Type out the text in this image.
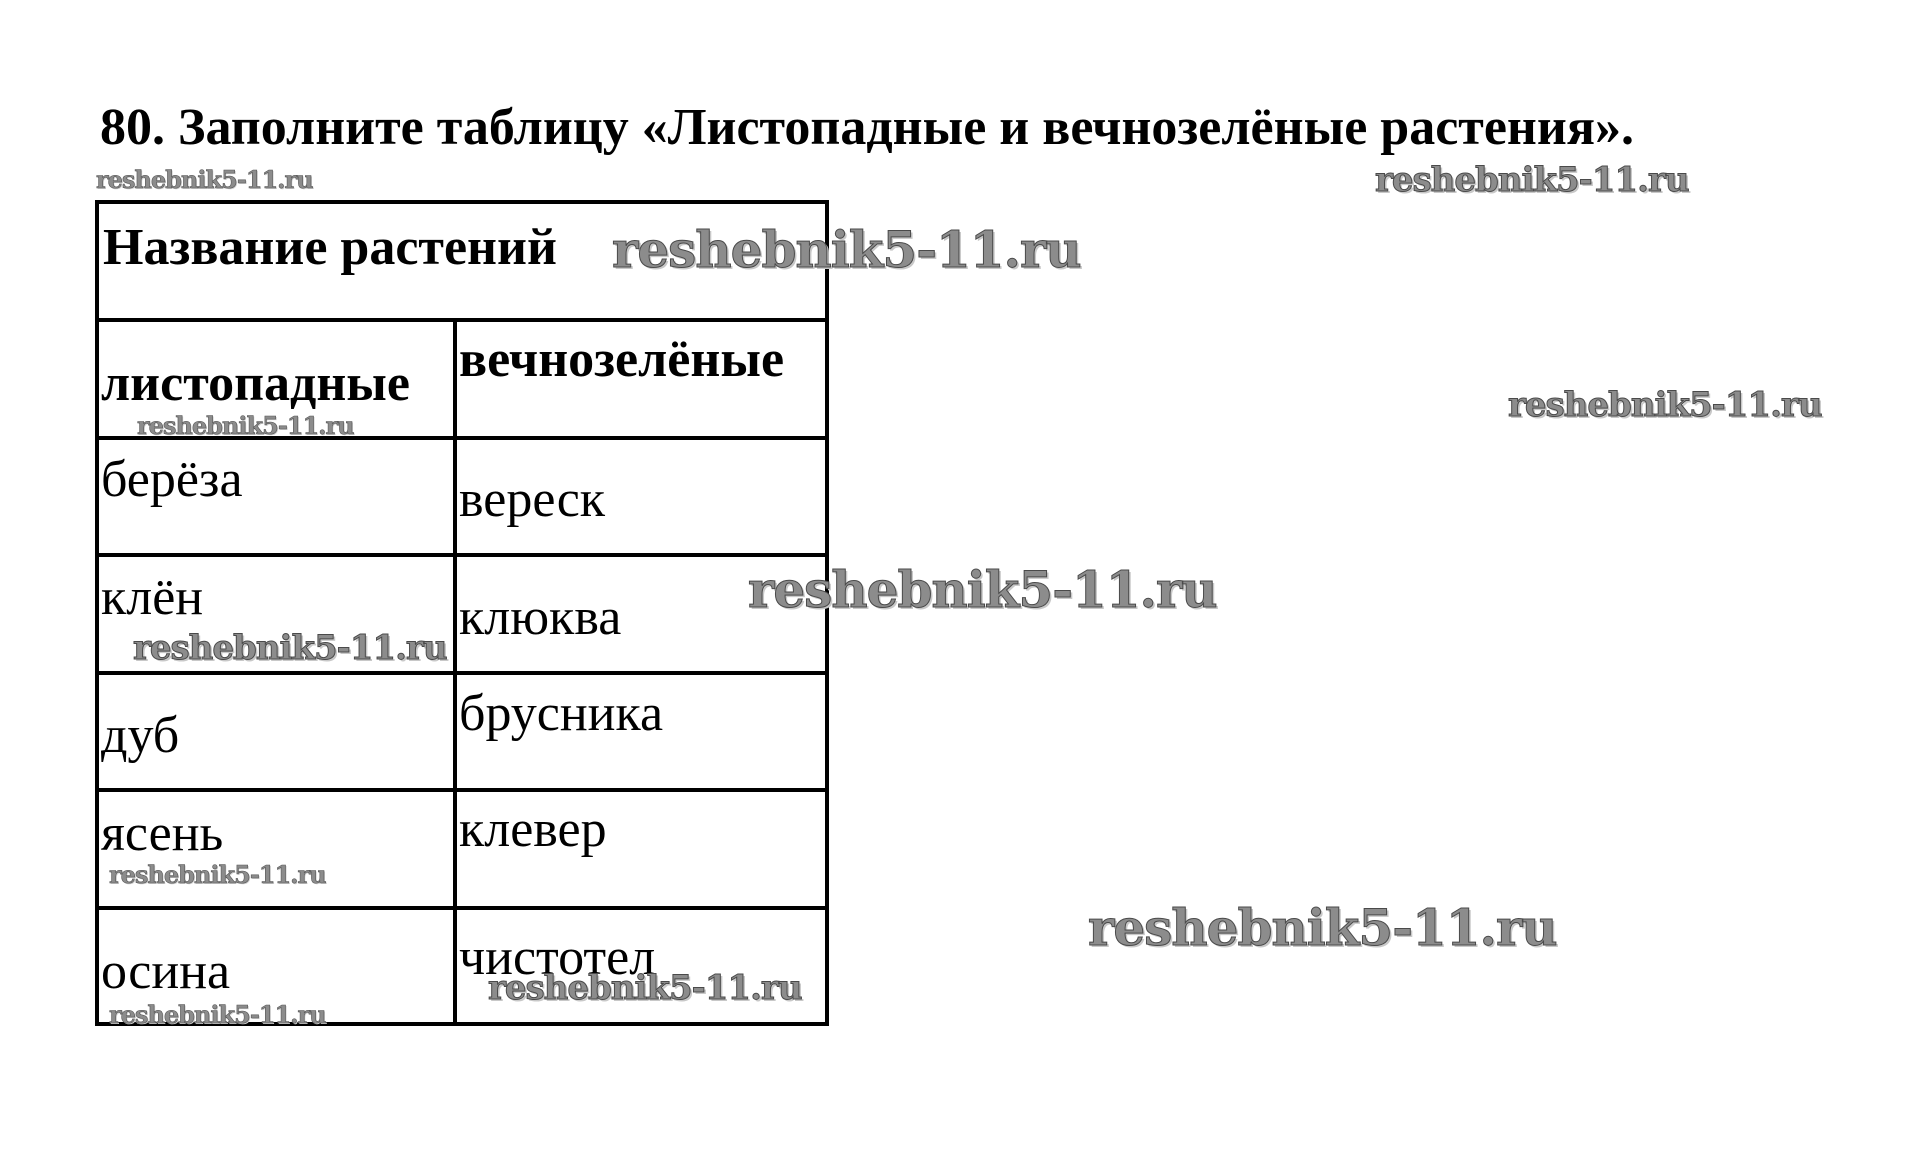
80. Заполните таблицу «Листопадные и вечнозелёные растения».
Название растений
листопадные вечнозелёные
берёза	вереск
клён	клюква
дуб	брусника
ясень	клевер
осина	чистотел
reshebnik5-11.ru	reshebnik5-11.ru
reshebnik5-11.ru
reshebnik5-11.ru
reshebnik5-11.ru
reshebnik5-11.ru
reshebnik5-11.ru
reshebnik5-11.ru
reshebnik5-11.ru
reshebnik5-11.ru
reshebnik5-11.ru
